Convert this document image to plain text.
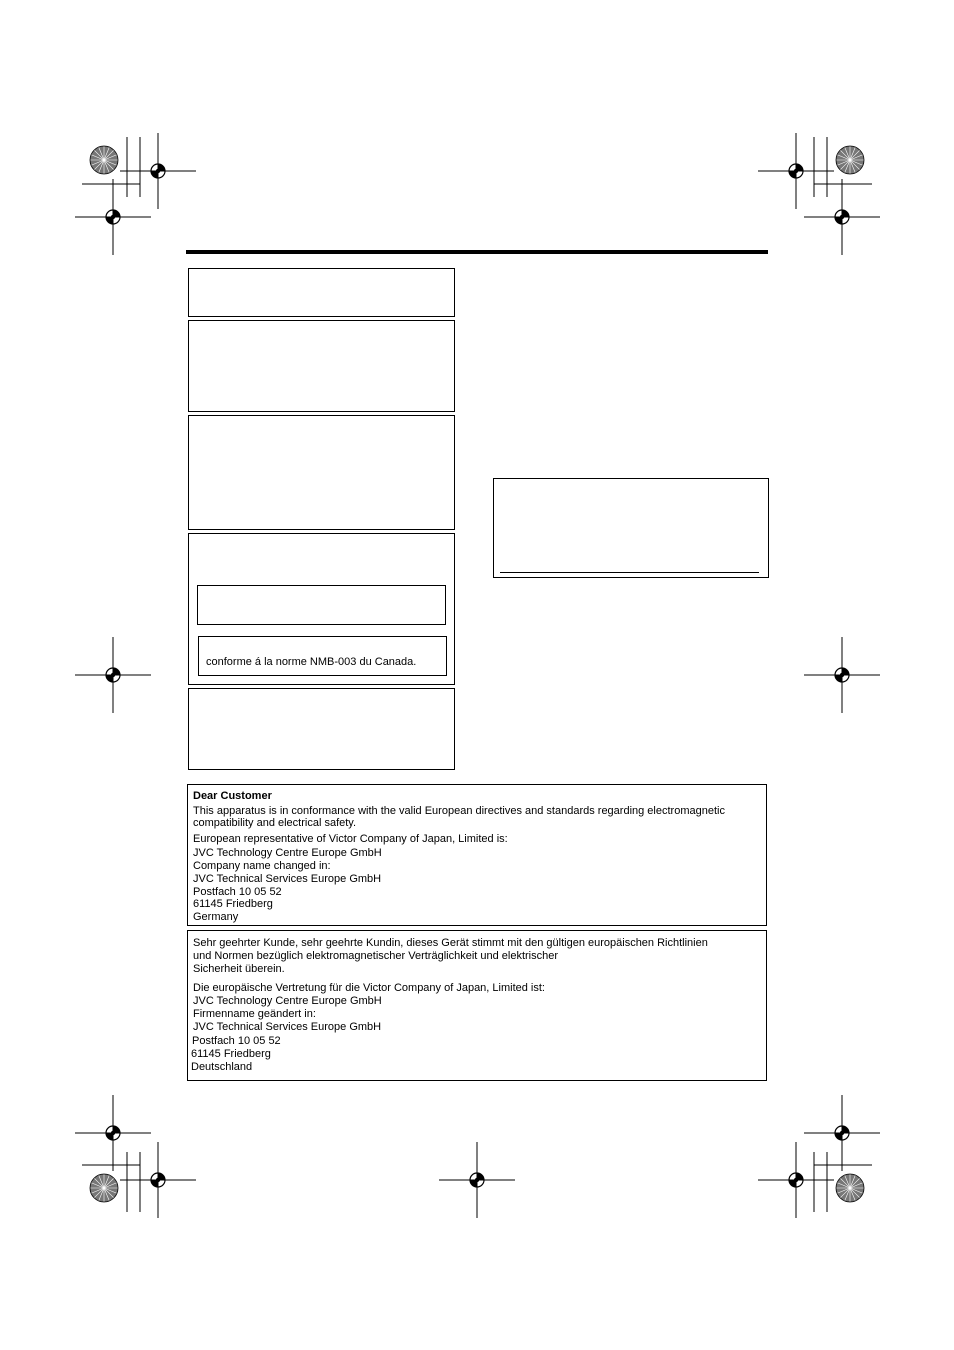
conforme á la norme NMB-003 du Canada.
Dear Customer
This apparatus is in conformance with the valid European directives and standards regarding electromagnetic
compatibility and electrical safety.
European representative of Victor Company of Japan, Limited is:
JVC Technology Centre Europe GmbH
Company name changed in:
JVC Technical Services Europe GmbH
Postfach 10 05 52
61145 Friedberg
Germany
Sehr geehrter Kunde, sehr geehrte Kundin, dieses Gerät stimmt mit den gültigen europäischen Richtlinien
und Normen bezüglich elektromagnetischer Verträglichkeit und elektrischer
Sicherheit überein.
Die europäische Vertretung für die Victor Company of Japan, Limited ist:
JVC Technology Centre Europe GmbH
Firmenname geändert in:
JVC Technical Services Europe GmbH
Postfach 10 05 52
61145 Friedberg
Deutschland
